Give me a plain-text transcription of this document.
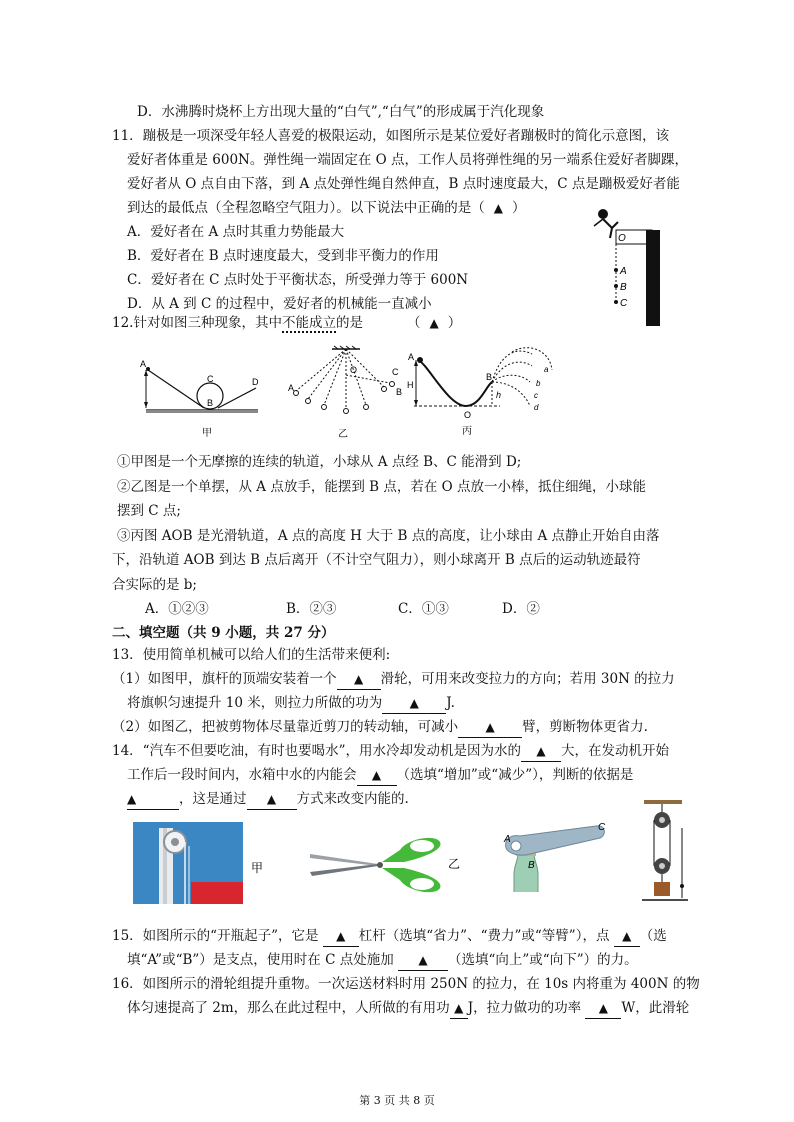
D．水沸腾时烧杯上方出现大量的“白气”,“白气”的形成属于汽化现象
11．蹦极是一项深受年轻人喜爱的极限运动，如图所示是某位爱好者蹦极时的简化示意图，该
爱好者体重是 600N。弹性绳一端固定在 O 点，工作人员将弹性绳的另一端系住爱好者脚踝，
爱好者从 O 点自由下落，到 A 点处弹性绳自然伸直，B 点时速度最大，C 点是蹦极爱好者能
到达的最低点（全程忽略空气阻力）。以下说法中正确的是（ ▲ ）
A．爱好者在 A 点时其重力势能最大
B．爱好者在 B 点时速度最大，受到非平衡力的作用
C．爱好者在 C 点时处于平衡状态，所受弹力等于 600N
D．从 A 到 C 的过程中，爱好者的机械能一直减小
O
A
B
C
12.针对如图三种现象，其中不能成立的是	（ ▲ ）
A
C
B
D
甲
A
O	C
B
乙
A
H
B
h
O
a
b
c
d
丙
①甲图是一个无摩擦的连续的轨道，小球从 A 点经 B、C 能滑到 D;
②乙图是一个单摆，从 A 点放手，能摆到 B 点，若在 O 点放一小棒，抵住细绳，小球能
摆到 C 点;
③丙图 AOB 是光滑轨道，A 点的高度 H 大于 B 点的高度，让小球由 A 点静止开始自由落
下，沿轨道 AOB 到达 B 点后离开（不计空气阻力），则小球离开 B 点后的运动轨迹最符
合实际的是 b;
A．①②③	B．②③	C．①③	D．②
二、填空题（共 9 小题，共 27 分）
13．使用简单机械可以给人们的生活带来便利:
（1）如图甲，旗杆的顶端安装着一个 ▲ 滑轮，可用来改变拉力的方向；若用 30N 的拉力
将旗帜匀速提升 10 米，则拉力所做的功为 ▲ J.
（2）如图乙，把被剪物体尽量靠近剪刀的转动轴，可减小 ▲ 臂，剪断物体更省力.
14．“汽车不但要吃油，有时也要喝水”，用水冷却发动机是因为水的 ▲ 大，在发动机开始
工作后一段时间内，水箱中水的内能会 ▲ （选填“增加”或“减少”），判断的依据是
▲	，这是通过 ▲ 方式来改变内能的.
甲	乙
A
B
C
15．如图所示的“开瓶起子”，它是 ▲ 杠杆（选填“省力”、“费力”或“等臂”），点 ▲ （选
填“A”或“B”）是支点，使用时在 C 点处施加 ▲ （选填“向上”或“向下”）的力。
16．如图所示的滑轮组提升重物。一次运送材料时用 250N 的拉力，在 10s 内将重为 400N 的物
体匀速提高了 2m，那么在此过程中，人所做的有用功 ▲ J，拉力做功的功率 ▲ W，此滑轮
第 3 页 共 8 页
